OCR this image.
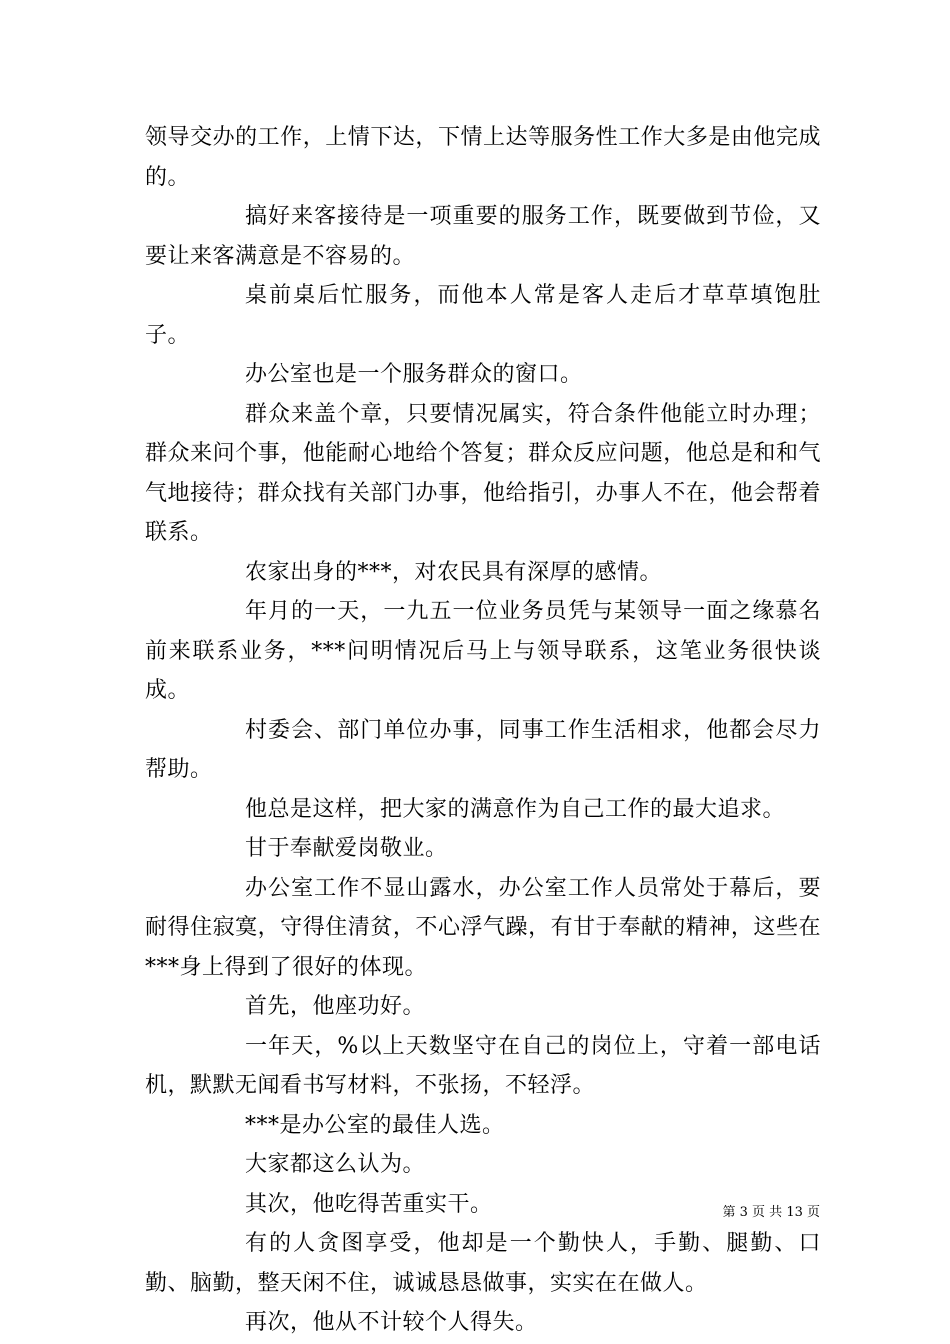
领导交办的工作，上情下达，下情上达等服务性工作大多是由他完成的。

搞好来客接待是一项重要的服务工作，既要做到节俭，又要让来客满意是不容易的。

桌前桌后忙服务，而他本人常是客人走后才草草填饱肚子。

办公室也是一个服务群众的窗口。

群众来盖个章，只要情况属实，符合条件他能立时办理；群众来问个事，他能耐心地给个答复；群众反应问题，他总是和和气气地接待；群众找有关部门办事，他给指引，办事人不在，他会帮着联系。

农家出身的***，对农民具有深厚的感情。

年月的一天，一九五一位业务员凭与某领导一面之缘慕名前来联系业务，***问明情况后马上与领导联系，这笔业务很快谈成。

村委会、部门单位办事，同事工作生活相求，他都会尽力帮助。

他总是这样，把大家的满意作为自己工作的最大追求。

甘于奉献爱岗敬业。

办公室工作不显山露水，办公室工作人员常处于幕后，要耐得住寂寞，守得住清贫，不心浮气躁，有甘于奉献的精神，这些在***身上得到了很好的体现。

首先，他座功好。

一年天，%以上天数坚守在自己的岗位上，守着一部电话机，默默无闻看书写材料，不张扬，不轻浮。

***是办公室的最佳人选。

大家都这么认为。

其次，他吃得苦重实干。

有的人贪图享受，他却是一个勤快人，手勤、腿勤、口勤、脑勤，整天闲不住，诚诚恳恳做事，实实在在做人。

再次，他从不计较个人得失。

第 3 页 共 13 页
